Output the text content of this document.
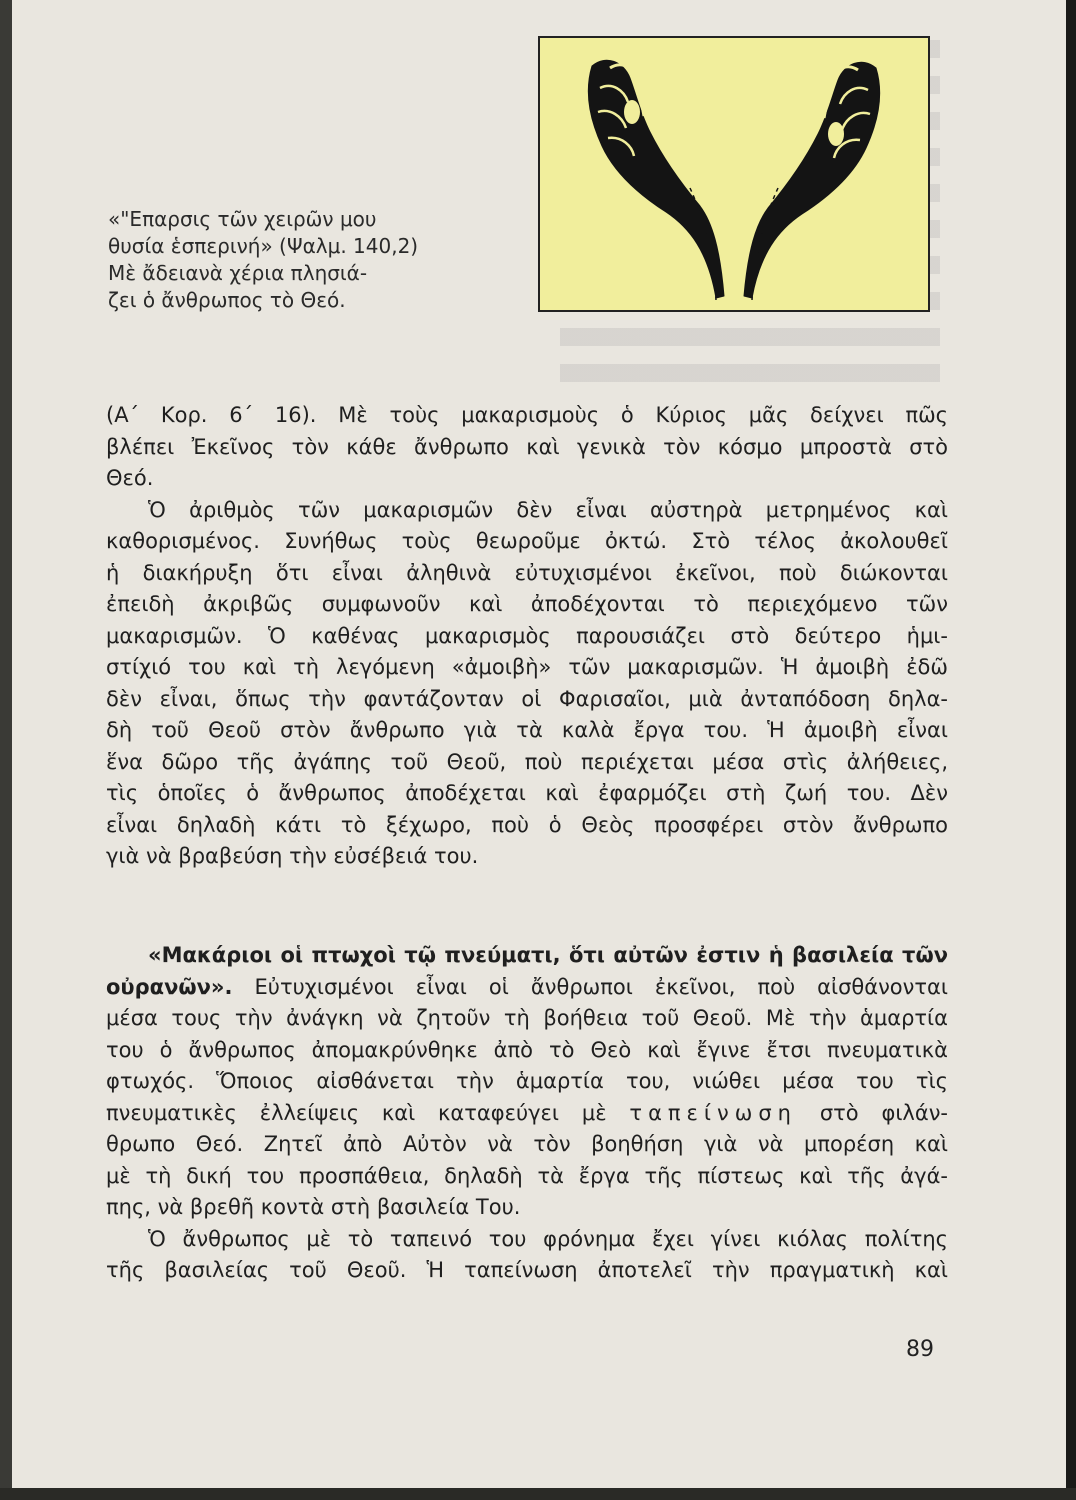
«"Επαρσις τῶν χειρῶν μου
θυσία ἑσπερινή» (Ψαλμ. 140,2)
Μὲ ἄδειανὰ χέρια πλησιά-
ζει ὁ ἄνθρωπος τὸ Θεό.
(Α΄ Κορ. 6΄ 16). Μὲ τοὺς μακαρισμοὺς ὁ Κύριος μᾶς δείχνει πῶς
βλέπει Ἐκεῖνος τὸν κάθε ἄνθρωπο καὶ γενικὰ τὸν κόσμο μπροστὰ στὸ
Θεό.
Ὁ ἀριθμὸς τῶν μακαρισμῶν δὲν εἶναι αὐστηρὰ μετρημένος καὶ
καθορισμένος. Συνήθως τοὺς θεωροῦμε ὀκτώ. Στὸ τέλος ἀκολουθεῖ
ἡ διακήρυξη ὅτι εἶναι ἀληθινὰ εὐτυχισμένοι ἐκεῖνοι, ποὺ διώκονται
ἐπειδὴ ἀκριβῶς συμφωνοῦν καὶ ἀποδέχονται τὸ περιεχόμενο τῶν
μακαρισμῶν. Ὁ καθένας μακαρισμὸς παρουσιάζει στὸ δεύτερο ἡμι-
στίχιό του καὶ τὴ λεγόμενη «ἀμοιβὴ» τῶν μακαρισμῶν. Ἡ ἀμοιβὴ ἐδῶ
δὲν εἶναι, ὅπως τὴν φαντάζονταν οἱ Φαρισαῖοι, μιὰ ἀνταπόδοση δηλα-
δὴ τοῦ Θεοῦ στὸν ἄνθρωπο γιὰ τὰ καλὰ ἔργα του. Ἡ ἀμοιβὴ εἶναι
ἕνα δῶρο τῆς ἀγάπης τοῦ Θεοῦ, ποὺ περιέχεται μέσα στὶς ἀλήθειες,
τὶς ὁποῖες ὁ ἄνθρωπος ἀποδέχεται καὶ ἐφαρμόζει στὴ ζωή του. Δὲν
εἶναι δηλαδὴ κάτι τὸ ξέχωρο, ποὺ ὁ Θεὸς προσφέρει στὸν ἄνθρωπο
γιὰ νὰ βραβεύση τὴν εὐσέβειά του.
«Μακάριοι οἱ πτωχοὶ τῷ πνεύματι, ὅτι αὐτῶν ἐστιν ἡ βασιλεία τῶν
οὐρανῶν». Εὐτυχισμένοι εἶναι οἱ ἄνθρωποι ἐκεῖνοι, ποὺ αἰσθάνονται
μέσα τους τὴν ἀνάγκη νὰ ζητοῦν τὴ βοήθεια τοῦ Θεοῦ. Μὲ τὴν ἁμαρτία
του ὁ ἄνθρωπος ἀπομακρύνθηκε ἀπὸ τὸ Θεὸ καὶ ἔγινε ἔτσι πνευματικὰ
φτωχός. Ὅποιος αἰσθάνεται τὴν ἁμαρτία του, νιώθει μέσα του τὶς
πνευματικὲς ἐλλείψεις καὶ καταφεύγει μὲ ταπείνωση στὸ φιλάν-
θρωπο Θεό. Ζητεῖ ἀπὸ Αὐτὸν νὰ τὸν βοηθήση γιὰ νὰ μπορέση καὶ
μὲ τὴ δική του προσπάθεια, δηλαδὴ τὰ ἔργα τῆς πίστεως καὶ τῆς ἀγά-
πης, νὰ βρεθῆ κοντὰ στὴ βασιλεία Του.
Ὁ ἄνθρωπος μὲ τὸ ταπεινό του φρόνημα ἔχει γίνει κιόλας πολίτης
τῆς βασιλείας τοῦ Θεοῦ. Ἡ ταπείνωση ἀποτελεῖ τὴν πραγματικὴ καὶ
89
